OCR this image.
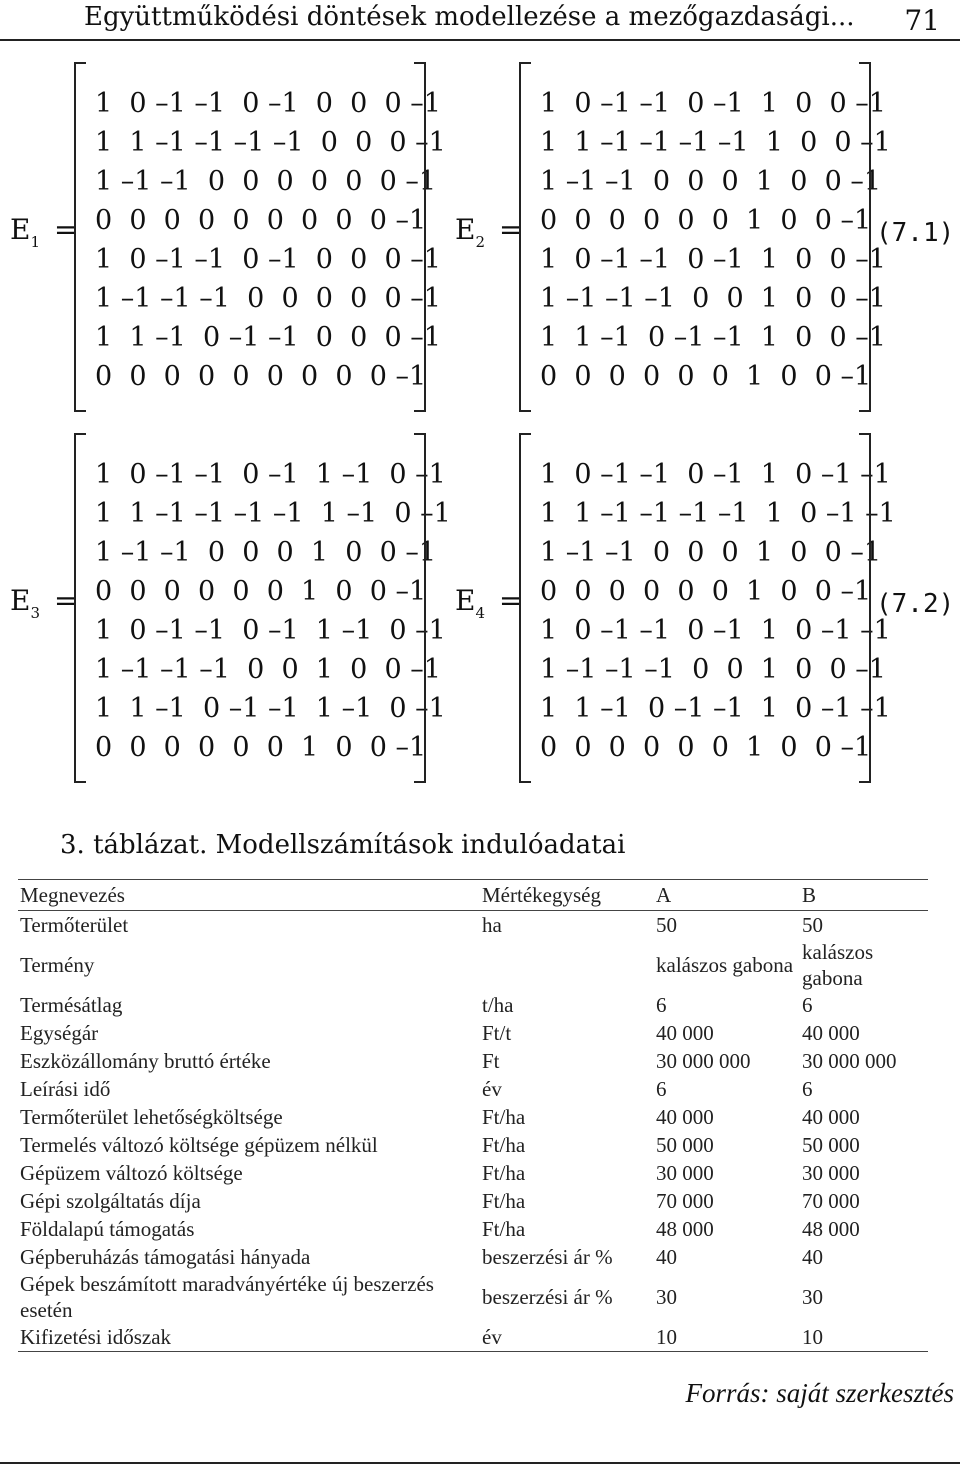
Együttműködési döntések modellezése a mezőgazdasági... 71
$E_1$ =
1  0 –1 –1  0 –1  0  0  0 –1
1  1 –1 –1 –1 –1  0  0  0 –1
1 –1 –1  0  0  0  0  0  0 –1
0  0  0  0  0  0  0  0  0 –1
1  0 –1 –1  0 –1  0  0  0 –1
1 –1 –1 –1  0  0  0  0  0 –1
1  1 –1  0 –1 –1  0  0  0 –1
0  0  0  0  0  0  0  0  0 –1
$E_2$ =
1  0 –1 –1  0 –1  1  0  0 –1
1  1 –1 –1 –1 –1  1  0  0 –1
1 –1 –1  0  0  0  1  0  0 –1
0  0  0  0  0  0  1  0  0 –1
1  0 –1 –1  0 –1  1  0  0 –1
1 –1 –1 –1  0  0  1  0  0 –1
1  1 –1  0 –1 –1  1  0  0 –1
0  0  0  0  0  0  1  0  0 –1
(7.1)
$E_3$ =
1  0 –1 –1  0 –1  1 –1  0 –1
1  1 –1 –1 –1 –1  1 –1  0 –1
1 –1 –1  0  0  0  1  0  0 –1
0  0  0  0  0  0  1  0  0 –1
1  0 –1 –1  0 –1  1 –1  0 –1
1 –1 –1 –1  0  0  1  0  0 –1
1  1 –1  0 –1 –1  1 –1  0 –1
0  0  0  0  0  0  1  0  0 –1
$E_4$ =
1  0 –1 –1  0 –1  1  0 –1 –1
1  1 –1 –1 –1 –1  1  0 –1 –1
1 –1 –1  0  0  0  1  0  0 –1
0  0  0  0  0  0  1  0  0 –1
1  0 –1 –1  0 –1  1  0 –1 –1
1 –1 –1 –1  0  0  1  0  0 –1
1  1 –1  0 –1 –1  1  0 –1 –1
0  0  0  0  0  0  1  0  0 –1
(7.2)
3. táblázat. Modellszámítások indulóadatai
Megnevezés	Mértékegység	A	B
Termőterület	ha	50	50
Termény		kalászos gabona	kalászos gabona
Termésátlag	t/ha	6	6
Egységár	Ft/t	40 000	40 000
Eszközállomány bruttó értéke	Ft	30 000 000	30 000 000
Leírási idő	év	6	6
Termőterület lehetőségköltsége	Ft/ha	40 000	40 000
Termelés változó költsége gépüzem nélkül	Ft/ha	50 000	50 000
Gépüzem változó költsége	Ft/ha	30 000	30 000
Gépi szolgáltatás díja	Ft/ha	70 000	70 000
Földalapú támogatás	Ft/ha	48 000	48 000
Gépberuházás támogatási hányada	beszerzési ár %	40	40
Gépek beszámított maradványértéke új beszerzés esetén	beszerzési ár %	30	30
Kifizetési időszak	év	10	10
Forrás: saját szerkesztés
